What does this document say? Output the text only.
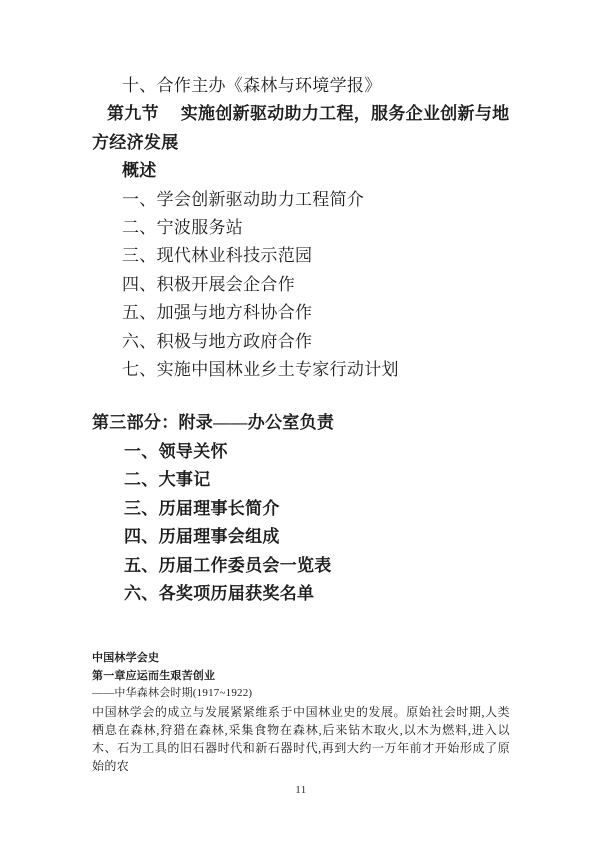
十、合作主办《森林与环境学报》

第九节　 实施创新驱动助力工程，服务企业创新与地方经济发展

概述

一、学会创新驱动助力工程简介

二、宁波服务站

三、现代林业科技示范园

四、积极开展会企合作

五、加强与地方科协合作

六、积极与地方政府合作

七、实施中国林业乡土专家行动计划

第三部分：附录——办公室负责

一、领导关怀

二、大事记

三、历届理事长简介

四、历届理事会组成

五、历届工作委员会一览表

六、各奖项历届获奖名单

中国林学会史

第一章应运而生艰苦创业

——中华森林会时期(1917~1922)

中国林学会的成立与发展紧紧维系于中国林业史的发展。原始社会时期,人类栖息在森林,狩猎在森林,采集食物在森林,后来钻木取火,以木为燃料,进入以木、石为工具的旧石器时代和新石器时代,再到大约一万年前才开始形成了原始的农

11
